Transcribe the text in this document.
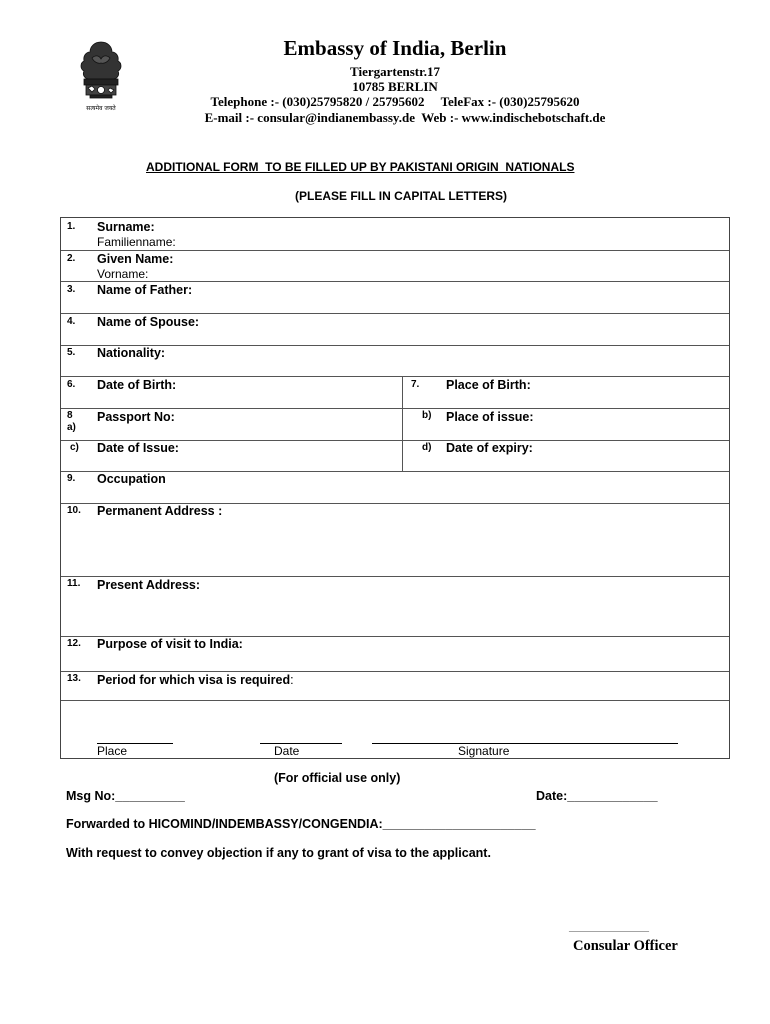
सत्यमेव जयते
Embassy of India, Berlin
Tiergartenstr.17
10785 BERLIN
Telephone :- (030)25795820 / 25795602     TeleFax :- (030)25795620
E-mail :- consular@indianembassy.de  Web :- www.indischebotschaft.de
ADDITIONAL FORM  TO BE FILLED UP BY PAKISTANI ORIGIN  NATIONALS
(PLEASE FILL IN CAPITAL LETTERS)
1. Surname:
Familienname:
2. Given Name:
Vorname:
3. Name of Father:
4. Name of Spouse:
5. Nationality:
6. Date of Birth:	7. Place of Birth:
8
a)
Passport No:	b) Place of issue:
c) Date of Issue:	d) Date of expiry:
9. Occupation
10. Permanent Address :
11. Present Address:
12. Purpose of visit to India:
13. Period for which visa is required:
Place	Date	Signature
(For official use only)
Msg No:__________	Date:_____________
Forwarded to HICOMIND/INDEMBASSY/CONGENDIA:______________________
With request to convey objection if any to grant of visa to the applicant.
________________
Consular Officer
